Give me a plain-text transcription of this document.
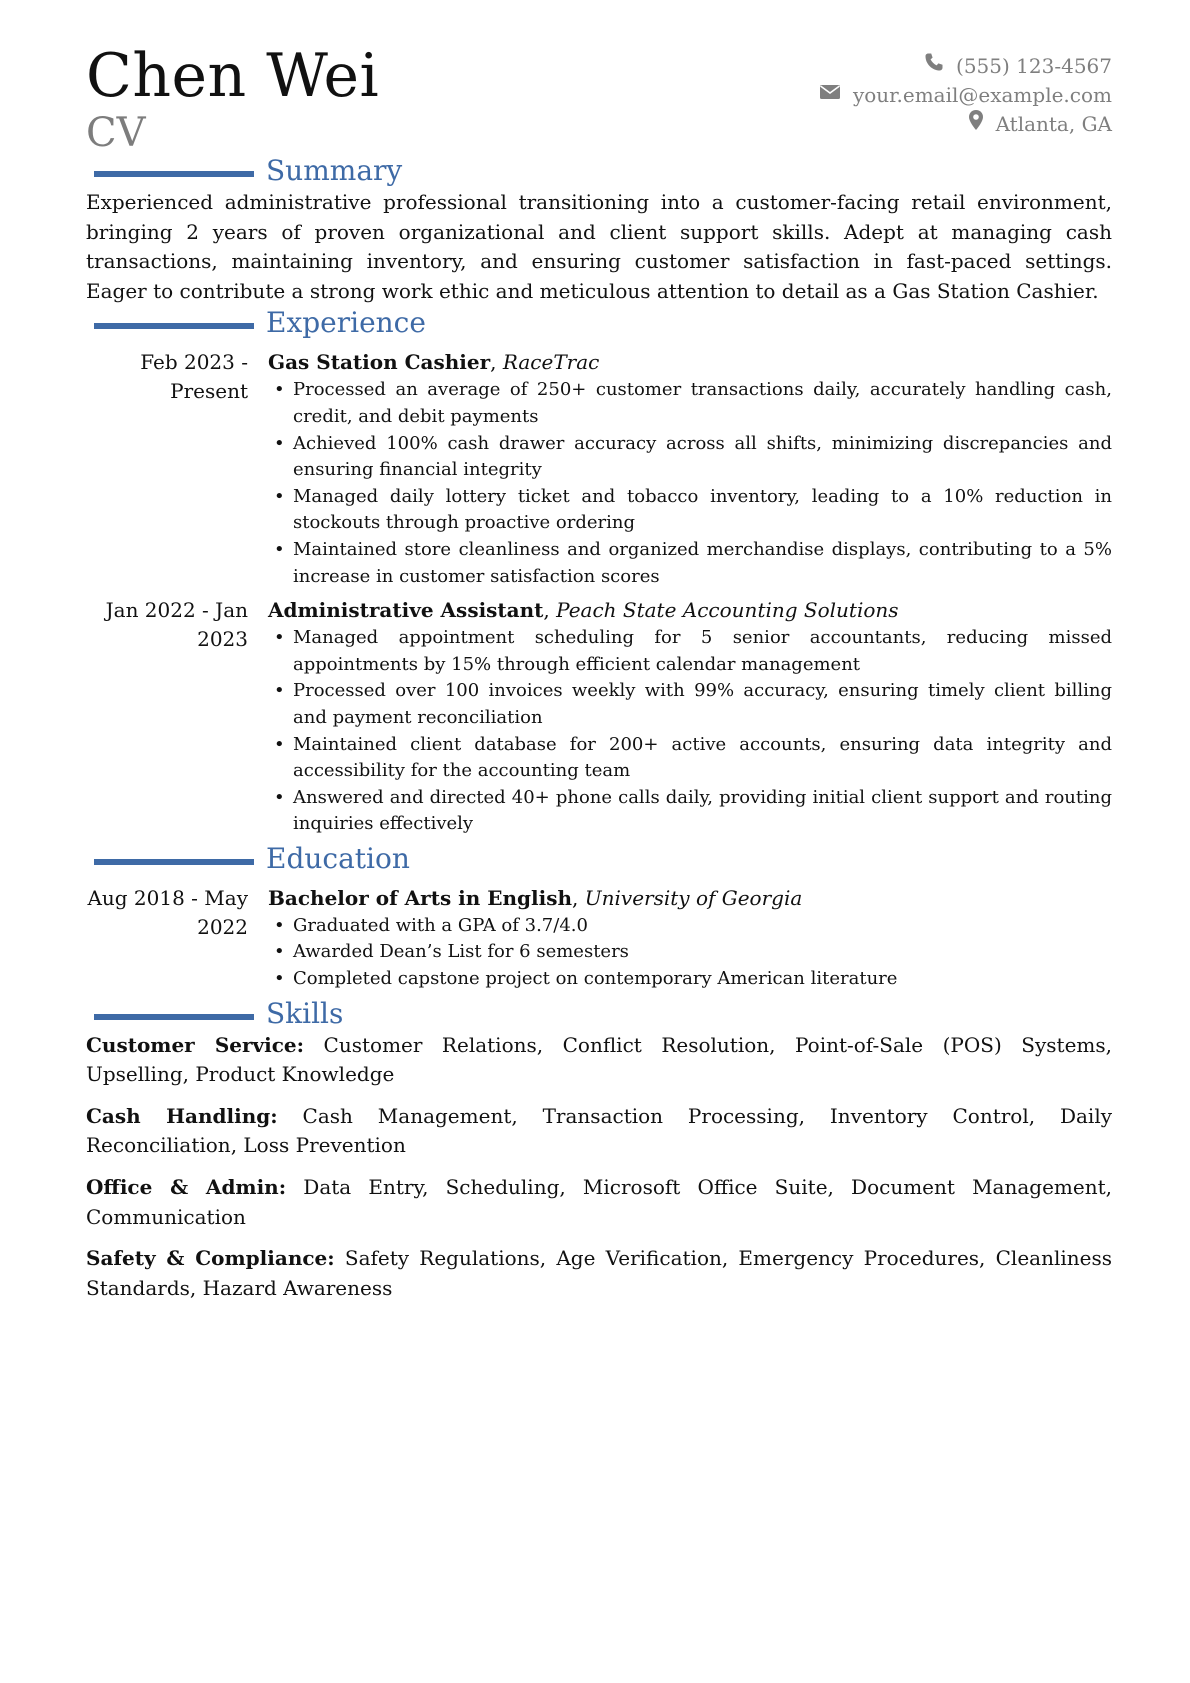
Chen Wei
CV
(555) 123-4567
your.email@example.com
Atlanta, GA
Summary

Experienced administrative professional transitioning into a customer-facing retail environment, bringing 2 years of proven organizational and client support skills. Adept at managing cash transactions, maintaining inventory, and ensuring customer satisfaction in fast-paced settings. Eager to contribute a strong work ethic and meticulous attention to detail as a Gas Station Cashier.

Experience
Feb 2023 - Present
Gas Station Cashier, RaceTrac
• Processed an average of 250+ customer transactions daily, accurately handling cash, credit, and debit payments
• Achieved 100% cash drawer accuracy across all shifts, minimizing discrepancies and ensuring financial integrity
• Managed daily lottery ticket and tobacco inventory, leading to a 10% reduction in stockouts through proactive ordering
• Maintained store cleanliness and organized merchandise displays, contributing to a 5% increase in customer satisfaction scores
Jan 2022 - Jan 2023
Administrative Assistant, Peach State Accounting Solutions
• Managed appointment scheduling for 5 senior accountants, reducing missed appointments by 15% through efficient calendar management
• Processed over 100 invoices weekly with 99% accuracy, ensuring timely client billing and payment reconciliation
• Maintained client database for 200+ active accounts, ensuring data integrity and accessibility for the accounting team
• Answered and directed 40+ phone calls daily, providing initial client support and routing inquiries effectively
Education
Aug 2018 - May 2022
Bachelor of Arts in English, University of Georgia
• Graduated with a GPA of 3.7/4.0
• Awarded Dean’s List for 6 semesters
• Completed capstone project on contemporary American literature
Skills
Customer Service: Customer Relations, Conflict Resolution, Point-of-Sale (POS) Systems, Upselling, Product Knowledge
Cash Handling: Cash Management, Transaction Processing, Inventory Control, Daily Reconciliation, Loss Prevention
Office & Admin: Data Entry, Scheduling, Microsoft Office Suite, Document Management, Communication
Safety & Compliance: Safety Regulations, Age Verification, Emergency Procedures, Cleanliness Standards, Hazard Awareness
